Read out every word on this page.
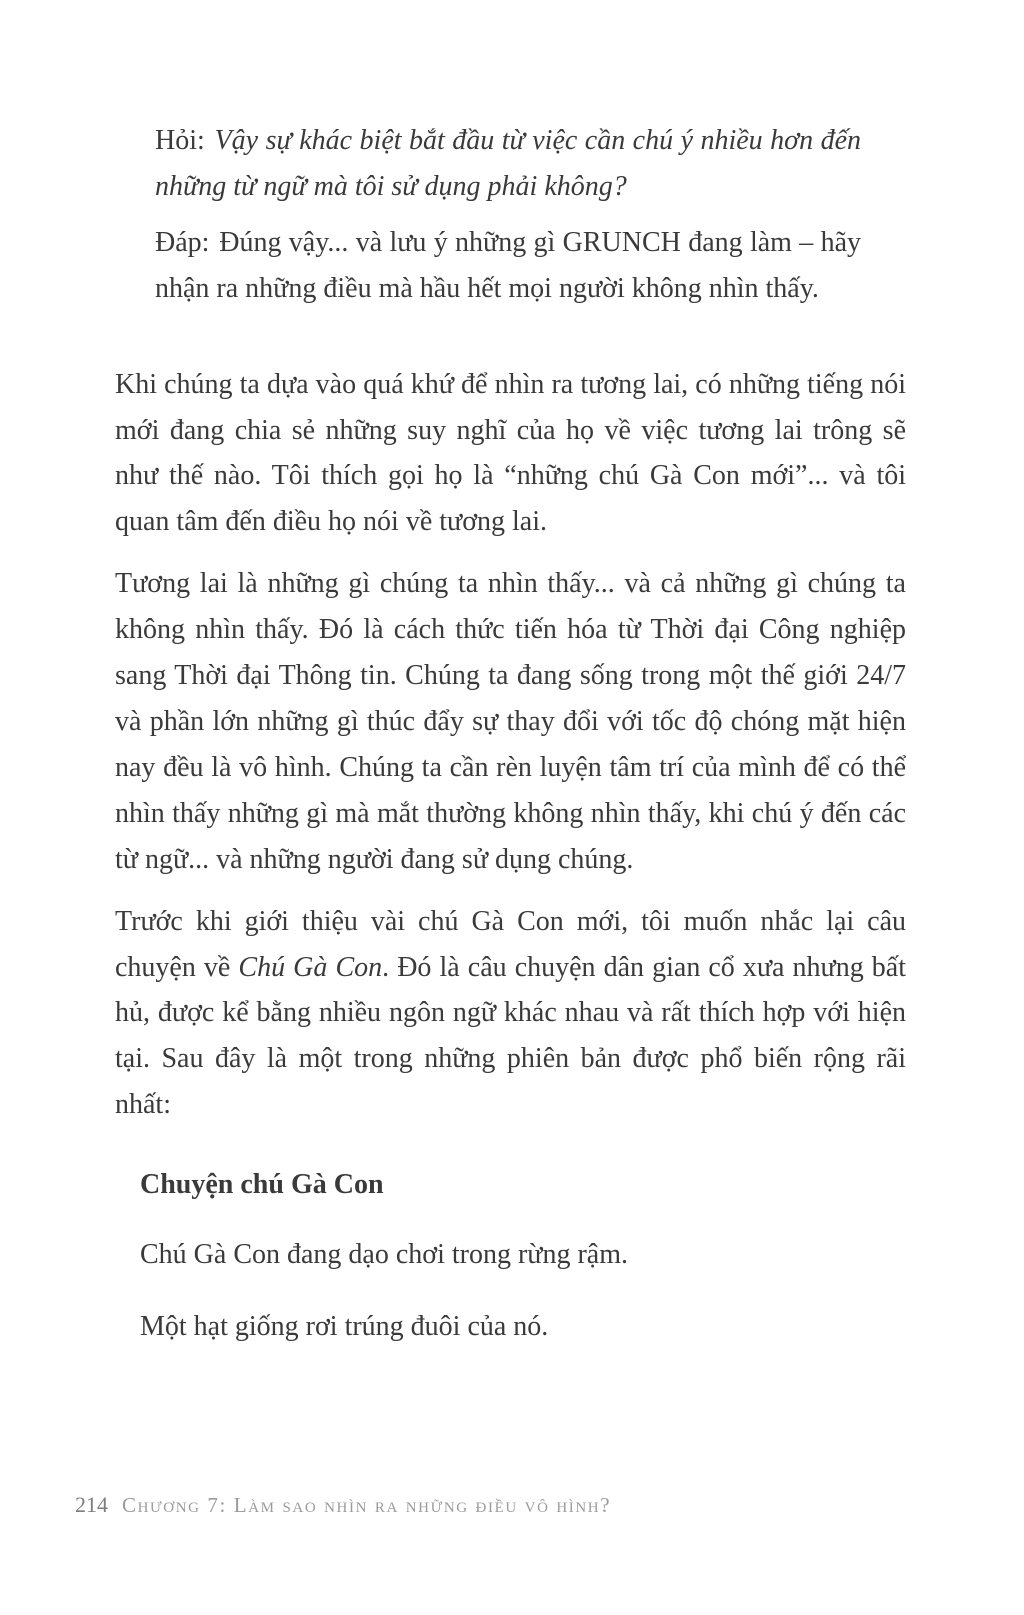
Hỏi: Vậy sự khác biệt bắt đầu từ việc cần chú ý nhiều hơn đến những từ ngữ mà tôi sử dụng phải không?

Đáp: Đúng vậy... và lưu ý những gì GRUNCH đang làm – hãy nhận ra những điều mà hầu hết mọi người không nhìn thấy.

Khi chúng ta dựa vào quá khứ để nhìn ra tương lai, có những tiếng nói mới đang chia sẻ những suy nghĩ của họ về việc tương lai trông sẽ như thế nào. Tôi thích gọi họ là “những chú Gà Con mới”... và tôi quan tâm đến điều họ nói về tương lai.

Tương lai là những gì chúng ta nhìn thấy... và cả những gì chúng ta không nhìn thấy. Đó là cách thức tiến hóa từ Thời đại Công nghiệp sang Thời đại Thông tin. Chúng ta đang sống trong một thế giới 24/7 và phần lớn những gì thúc đẩy sự thay đổi với tốc độ chóng mặt hiện nay đều là vô hình. Chúng ta cần rèn luyện tâm trí của mình để có thể nhìn thấy những gì mà mắt thường không nhìn thấy, khi chú ý đến các từ ngữ... và những người đang sử dụng chúng.

Trước khi giới thiệu vài chú Gà Con mới, tôi muốn nhắc lại câu chuyện về Chú Gà Con. Đó là câu chuyện dân gian cổ xưa nhưng bất hủ, được kể bằng nhiều ngôn ngữ khác nhau và rất thích hợp với hiện tại. Sau đây là một trong những phiên bản được phổ biến rộng rãi nhất:

Chuyện chú Gà Con

Chú Gà Con đang dạo chơi trong rừng rậm.

Một hạt giống rơi trúng đuôi của nó.

214 Chương 7: Làm sao nhìn ra những điều vô hình?
